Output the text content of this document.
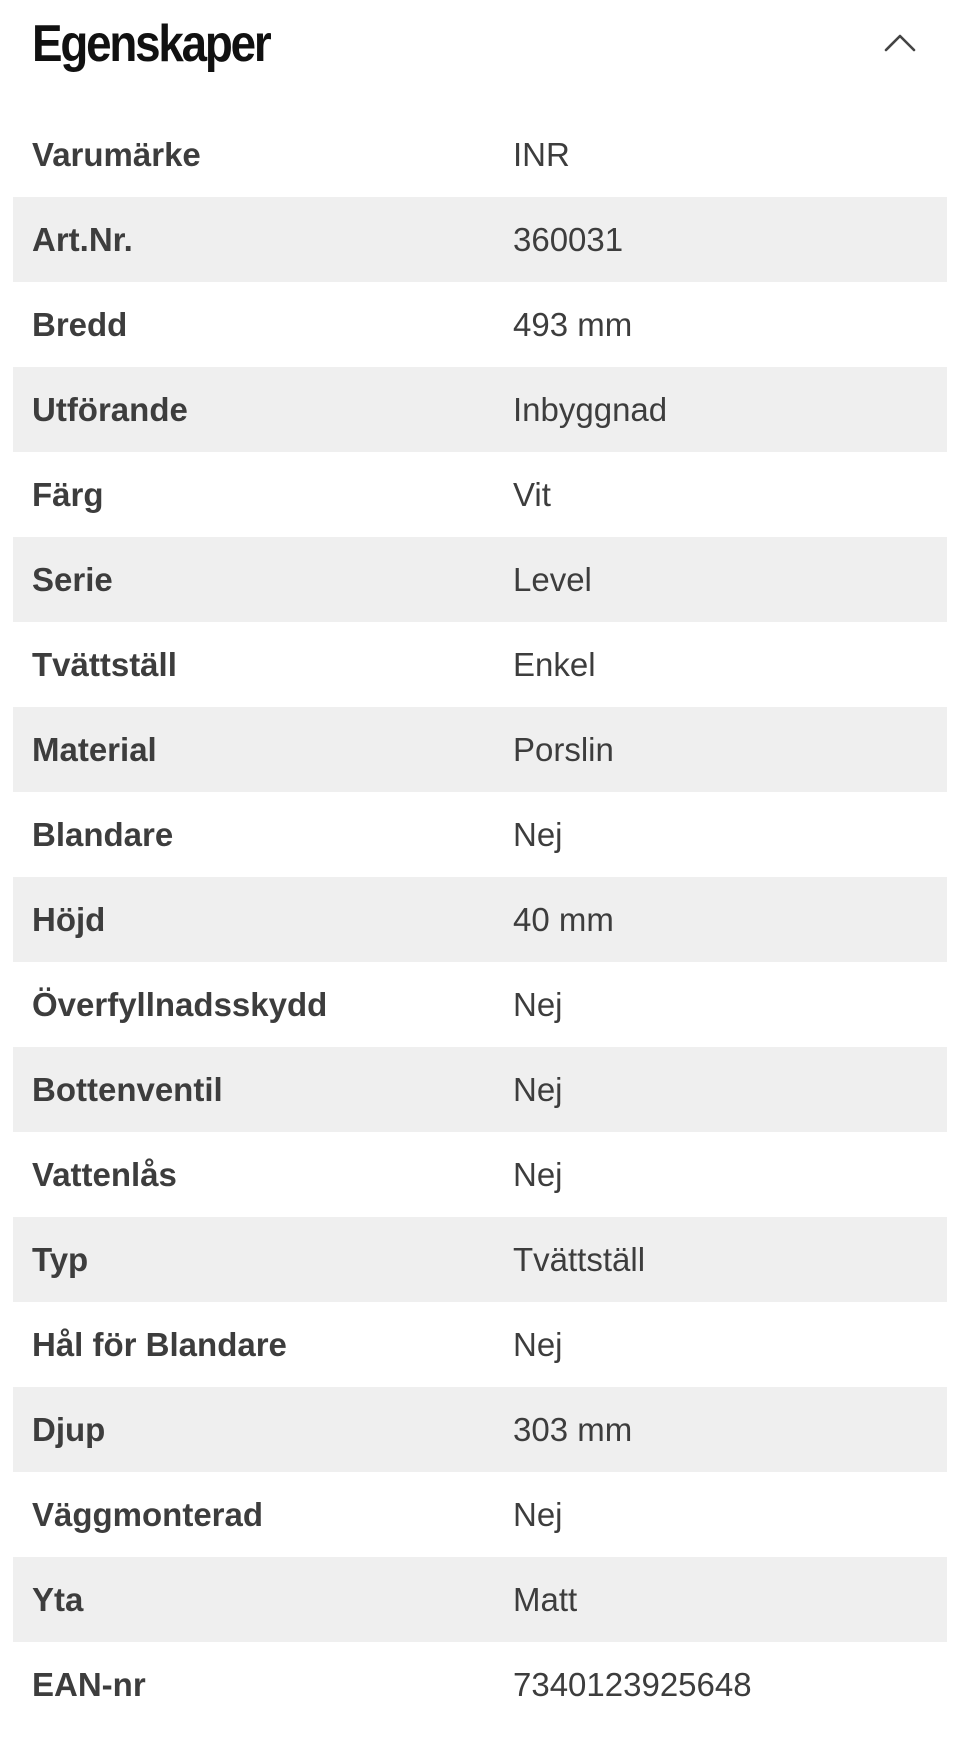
Egenskaper
Varumärke	INR
Art.Nr.	360031
Bredd	493 mm
Utförande	Inbyggnad
Färg	Vit
Serie	Level
Tvättställ	Enkel
Material	Porslin
Blandare	Nej
Höjd	40 mm
Överfyllnadsskydd	Nej
Bottenventil	Nej
Vattenlås	Nej
Typ	Tvättställ
Hål för Blandare	Nej
Djup	303 mm
Väggmonterad	Nej
Yta	Matt
EAN-nr	7340123925648
